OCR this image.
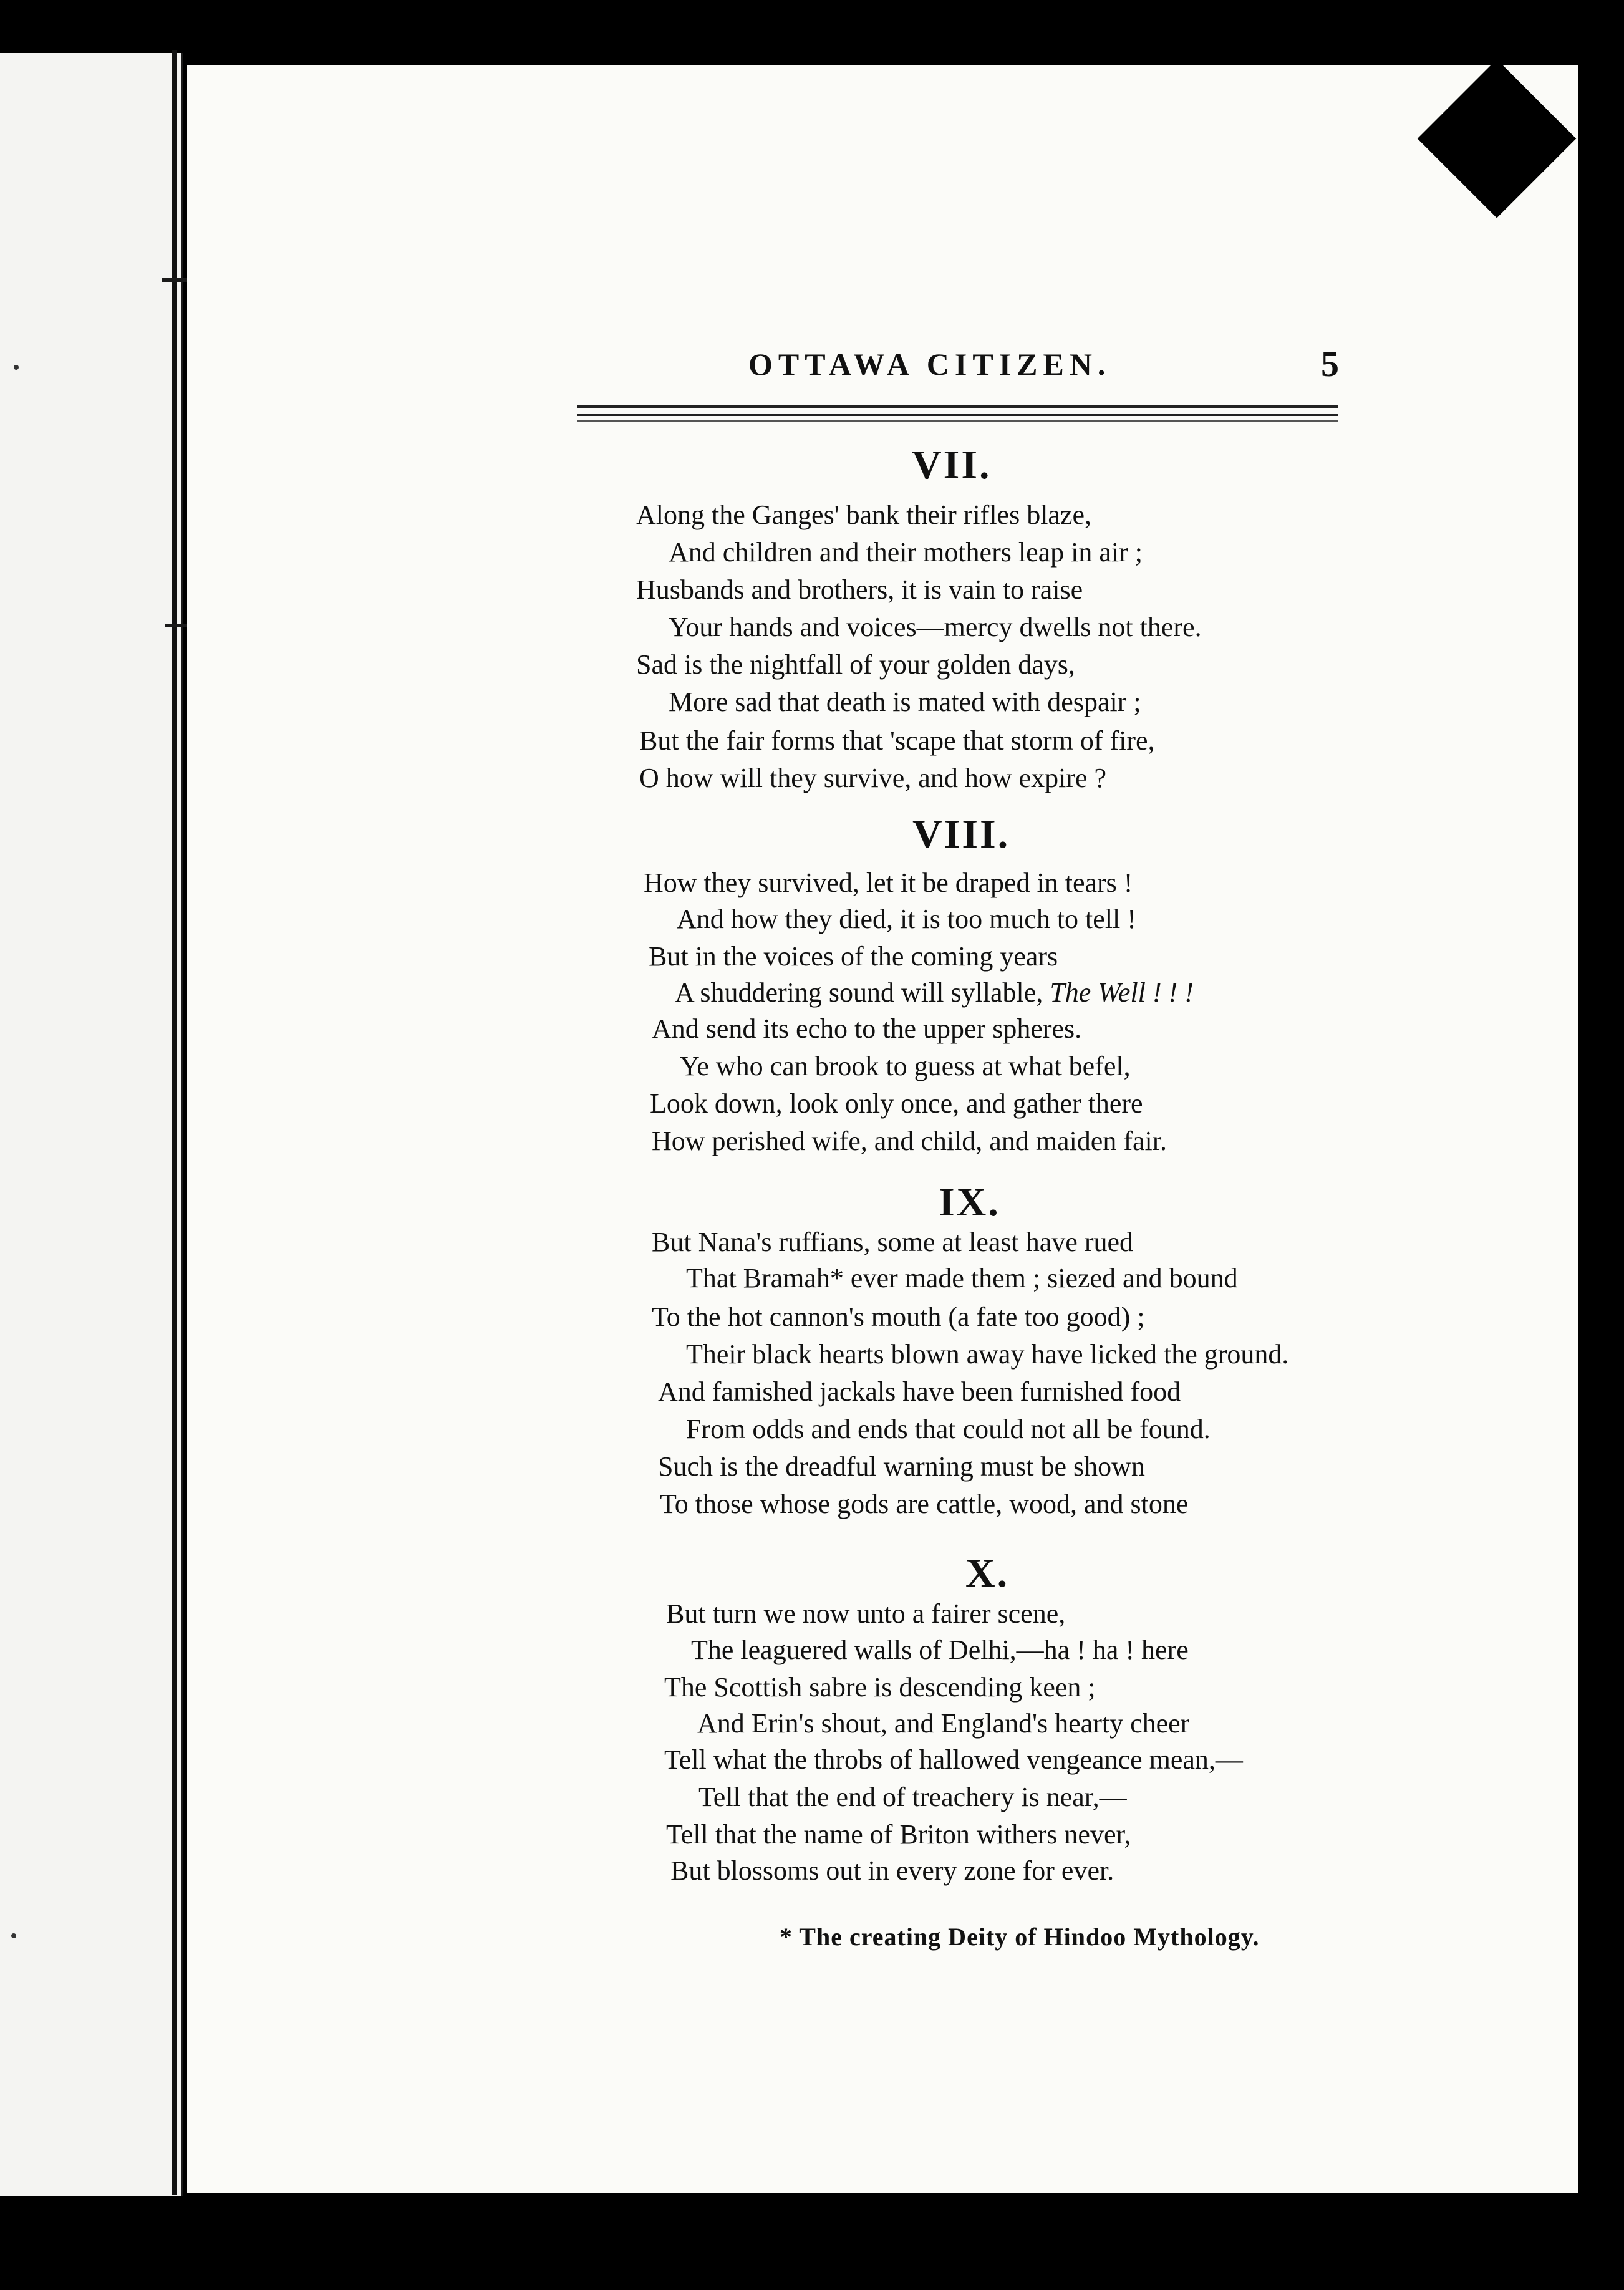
OTTAWA CITIZEN.	5
VII.
Along the Ganges' bank their rifles blaze,
And children and their mothers leap in air ;
Husbands and brothers, it is vain to raise
Your hands and voices—mercy dwells not there.
Sad is the nightfall of your golden days,
More sad that death is mated with despair ;
But the fair forms that 'scape that storm of fire,
O how will they survive, and how expire ?
VIII.
How they survived, let it be draped in tears !
And how they died, it is too much to tell !
But in the voices of the coming years
A shuddering sound will syllable, The Well ! ! !
And send its echo to the upper spheres.
Ye who can brook to guess at what befel,
Look down, look only once, and gather there
How perished wife, and child, and maiden fair.
IX.
But Nana's ruffians, some at least have rued
That Bramah* ever made them ; siezed and bound
To the hot cannon's mouth (a fate too good) ;
Their black hearts blown away have licked the ground.
And famished jackals have been furnished food
From odds and ends that could not all be found.
Such is the dreadful warning must be shown
To those whose gods are cattle, wood, and stone
X.
But turn we now unto a fairer scene,
The leaguered walls of Delhi,—ha ! ha ! here
The Scottish sabre is descending keen ;
And Erin's shout, and England's hearty cheer
Tell what the throbs of hallowed vengeance mean,—
Tell that the end of treachery is near,—
Tell that the name of Briton withers never,
But blossoms out in every zone for ever.
* The creating Deity of Hindoo Mythology.
